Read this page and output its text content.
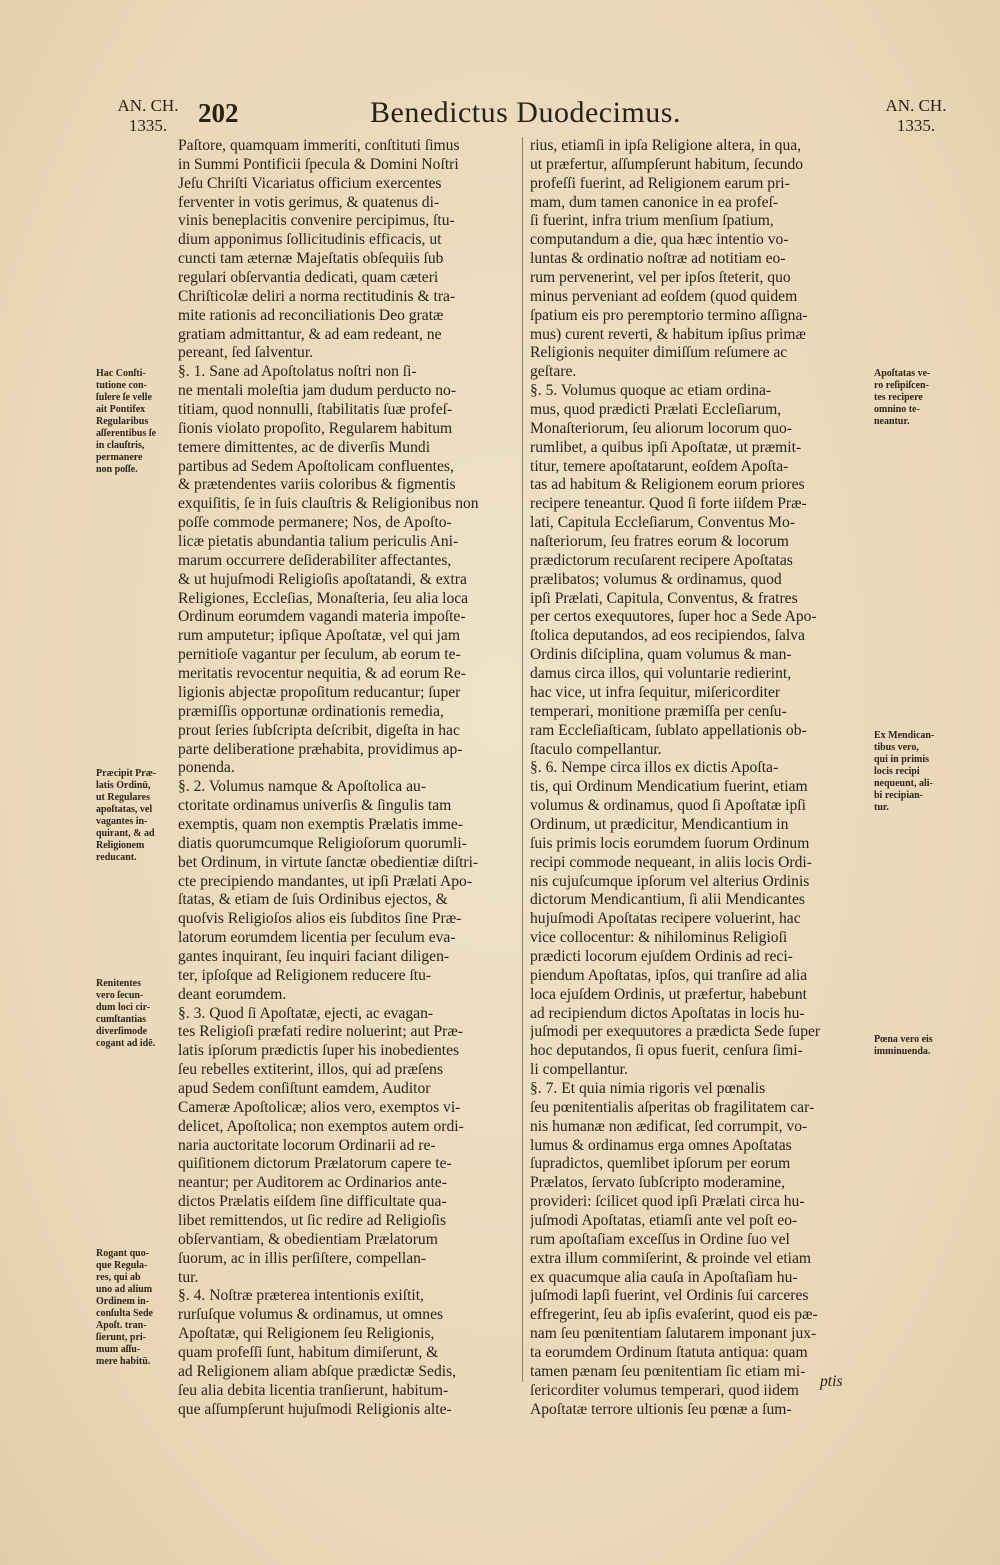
AN. CH.
1335.	202	Benedictus Duodecimus.	AN. CH.
1335.
Paſtore, quamquam immeriti, conſtituti ſimus
in Summi Pontificii ſpecula & Domini Noſtri
Jeſu Chriſti Vicariatus officium exercentes
ferventer in votis gerimus, & quatenus di-
vinis beneplacitis convenire percipimus, ſtu-
dium apponimus ſollicitudinis efficacis, ut
cuncti tam æternæ Majeſtatis obſequiis ſub
regulari obſervantia dedicati, quam cæteri
Chriſticolæ deliri a norma rectitudinis & tra-
mite rationis ad reconciliationis Deo gratæ
gratiam admittantur, & ad eam redeant, ne
pereant, ſed ſalventur.
§. 1. Sane ad Apoſtolatus noſtri non ſi-
ne mentali moleſtia jam dudum perducto no-
titiam, quod nonnulli, ſtabilitatis ſuæ profeſ-
ſionis violato propoſito, Regularem habitum
temere dimittentes, ac de diverſis Mundi
partibus ad Sedem Apoſtolicam confluentes,
& prætendentes variis coloribus & figmentis
exquiſitis, ſe in ſuis clauſtris & Religionibus non
poſſe commode permanere; Nos, de Apoſto-
licæ pietatis abundantia talium periculis Ani-
marum occurrere deſiderabiliter affectantes,
& ut hujuſmodi Religioſis apoſtatandi, & extra
Religiones, Eccleſias, Monaſteria, ſeu alia loca
Ordinum eorumdem vagandi materia impoſte-
rum amputetur; ipſique Apoſtatæ, vel qui jam
pernitioſe vagantur per ſeculum, ab eorum te-
meritatis revocentur nequitia, & ad eorum Re-
ligionis abjectæ propoſitum reducantur; ſuper
præmiſſis opportunæ ordinationis remedia,
prout ſeries ſubſcripta deſcribit, digeſta in hac
parte deliberatione præhabita, providimus ap-
ponenda.
§. 2. Volumus namque & Apoſtolica au-
ctoritate ordinamus univerſis & ſingulis tam
exemptis, quam non exemptis Prælatis imme-
diatis quorumcumque Religioſorum quorumli-
bet Ordinum, in virtute ſanctæ obedientiæ diſtri-
cte precipiendo mandantes, ut ipſi Prælati Apo-
ſtatas, & etiam de ſuis Ordinibus ejectos, &
quoſvis Religioſos alios eis ſubditos ſine Præ-
latorum eorumdem licentia per ſeculum eva-
gantes inquirant, ſeu inquiri faciant diligen-
ter, ipſoſque ad Religionem reducere ſtu-
deant eorumdem.
§. 3. Quod ſi Apoſtatæ, ejecti, ac evagan-
tes Religioſi præfati redire noluerint; aut Præ-
latis ipſorum prædictis ſuper his inobedientes
ſeu rebelles extiterint, illos, qui ad præſens
apud Sedem conſiſtunt eamdem, Auditor
Cameræ Apoſtolicæ; alios vero, exemptos vi-
delicet, Apoſtolica; non exemptos autem ordi-
naria auctoritate locorum Ordinarii ad re-
quiſitionem dictorum Prælatorum capere te-
neantur; per Auditorem ac Ordinarios ante-
dictos Prælatis eiſdem ſine difficultate qua-
libet remittendos, ut ſic redire ad Religioſis
obſervantiam, & obedientiam Prælatorum
ſuorum, ac in illis perſiſtere, compellan-
tur.
§. 4. Noſtræ præterea intentionis exiſtit,
rurſuſque volumus & ordinamus, ut omnes
Apoſtatæ, qui Religionem ſeu Religionis,
quam profeſſi ſunt, habitum dimiſerunt, &
ad Religionem aliam abſque prædictæ Sedis,
ſeu alia debita licentia tranſierunt, habitum-
que aſſumpſerunt hujuſmodi Religionis alte-
rius, etiamſi in ipſa Religione altera, in qua,
ut præfertur, aſſumpſerunt habitum, ſecundo
profeſſi fuerint, ad Religionem earum pri-
mam, dum tamen canonice in ea profeſ-
ſi fuerint, infra trium menſium ſpatium,
computandum a die, qua hæc intentio vo-
luntas & ordinatio noſtræ ad notitiam eo-
rum pervenerint, vel per ipſos ſteterit, quo
minus perveniant ad eoſdem (quod quidem
ſpatium eis pro peremptorio termino aſſigna-
mus) curent reverti, & habitum ipſius primæ
Religionis nequiter dimiſſum reſumere ac
geſtare.
§. 5. Volumus quoque ac etiam ordina-
mus, quod prædicti Prælati Eccleſiarum,
Monaſteriorum, ſeu aliorum locorum quo-
rumlibet, a quibus ipſi Apoſtatæ, ut præmit-
titur, temere apoſtatarunt, eoſdem Apoſta-
tas ad habitum & Religionem eorum priores
recipere teneantur. Quod ſi forte iiſdem Præ-
lati, Capitula Eccleſiarum, Conventus Mo-
naſteriorum, ſeu fratres eorum & locorum
prædictorum recuſarent recipere Apoſtatas
prælibatos; volumus & ordinamus, quod
ipſi Prælati, Capitula, Conventus, & fratres
per certos exequutores, ſuper hoc a Sede Apo-
ſtolica deputandos, ad eos recipiendos, ſalva
Ordinis diſciplina, quam volumus & man-
damus circa illos, qui voluntarie redierint,
hac vice, ut infra ſequitur, miſericorditer
temperari, monitione præmiſſa per cenſu-
ram Eccleſiaſticam, ſublato appellationis ob-
ſtaculo compellantur.
§. 6. Nempe circa illos ex dictis Apoſta-
tis, qui Ordinum Mendicatium fuerint, etiam
volumus & ordinamus, quod ſi Apoſtatæ ipſi
Ordinum, ut prædicitur, Mendicantium in
ſuis primis locis eorumdem ſuorum Ordinum
recipi commode nequeant, in aliis locis Ordi-
nis cujuſcumque ipſorum vel alterius Ordinis
dictorum Mendicantium, ſi alii Mendicantes
hujuſmodi Apoſtatas recipere voluerint, hac
vice collocentur: & nihilominus Religioſi
prædicti locorum ejuſdem Ordinis ad reci-
piendum Apoſtatas, ipſos, qui tranſire ad alia
loca ejuſdem Ordinis, ut præfertur, habebunt
ad recipiendum dictos Apoſtatas in locis hu-
juſmodi per exequutores a prædicta Sede ſuper
hoc deputandos, ſi opus fuerit, cenſura ſimi-
li compellantur.
§. 7. Et quia nimia rigoris vel pœnalis
ſeu pœnitentialis aſperitas ob fragilitatem car-
nis humanæ non ædificat, ſed corrumpit, vo-
lumus & ordinamus erga omnes Apoſtatas
ſupradictos, quemlibet ipſorum per eorum
Prælatos, ſervato ſubſcripto moderamine,
provideri: ſcilicet quod ipſi Prælati circa hu-
juſmodi Apoſtatas, etiamſi ante vel poſt eo-
rum apoſtaſiam exceſſus in Ordine ſuo vel
extra illum commiſerint, & proinde vel etiam
ex quacumque alia cauſa in Apoſtaſiam hu-
juſmodi lapſi fuerint, vel Ordinis ſui carceres
effregerint, ſeu ab ipſis evaſerint, quod eis pæ-
nam ſeu pœnitentiam ſalutarem imponant jux-
ta eorumdem Ordinum ſtatuta antiqua: quam
tamen pænam ſeu pœnitentiam ſic etiam mi-
ſericorditer volumus temperari, quod iidem
Apoſtatæ terrore ultionis ſeu pœnæ a ſum-
Hac Conſti-
tutione con-
ſulere ſe velle
ait Pontifex
Regularibus
aſſerentibus ſe
in clauſtris,
permanere
non poſſe.
Præcipit Præ-
latis Ordinū,
ut Regulares
apoſtatas, vel
vagantes in-
quirant, & ad
Religionem
reducant.
Renitentes
vero ſecun-
dum loci cir-
cumſtantias
diverſimode
cogant ad idē.
Rogant quo-
que Regula-
res, qui ab
uno ad alium
Ordinem in-
conſulta Sede
Apoſt. tran-
ſierunt, pri-
mum aſſu-
mere habitū.
Apoſtatas ve-
ro reſipiſcen-
tes recipere
omnino te-
neantur.
Ex Mendican-
tibus vero,
qui in primis
locis recipi
nequeunt, ali-
bi recipian-
tur.
Pœna vero eis
imminuenda.
ptis
